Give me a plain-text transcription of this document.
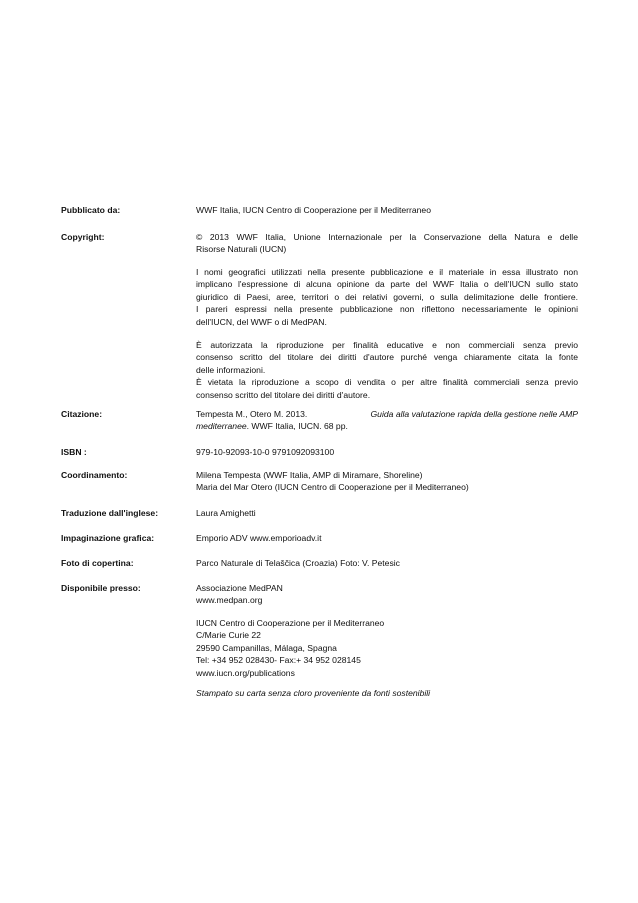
Pubblicato da:	WWF Italia, IUCN Centro di Cooperazione per il Mediterraneo
Copyright:	© 2013 WWF Italia, Unione Internazionale per la Conservazione della Natura e delle
Risorse Naturali (IUCN)
I nomi geografici utilizzati nella presente pubblicazione e il materiale in essa illustrato non
implicano l'espressione di alcuna opinione da parte del WWF Italia o dell'IUCN sullo stato
giuridico di Paesi, aree, territori o dei relativi governi, o sulla delimitazione delle frontiere.
I pareri espressi nella presente pubblicazione non riflettono necessariamente le opinioni
dell'IUCN, del WWF o di MedPAN.
È autorizzata la riproduzione per finalità educative e non commerciali senza previo
consenso scritto del titolare dei diritti d'autore purché venga chiaramente citata la fonte
delle informazioni.
È vietata la riproduzione a scopo di vendita o per altre finalità commerciali senza previo
consenso scritto del titolare dei diritti d'autore.
Citazione:	Tempesta M., Otero M. 2013.	Guida alla valutazione rapida della gestione nelle AMP
mediterranee. WWF Italia, IUCN. 68 pp.
ISBN :	979-10-92093-10-0 9791092093100
Coordinamento:	Milena Tempesta (WWF Italia, AMP di Miramare, Shoreline)
Maria del Mar Otero (IUCN Centro di Cooperazione per il Mediterraneo)
Traduzione dall'inglese:	Laura Amighetti
Impaginazione grafica:	Emporio ADV www.emporioadv.it
Foto di copertina:	Parco Naturale di Telaščica (Croazia) Foto: V. Petesic
Disponibile presso:	Associazione MedPAN
www.medpan.org
IUCN Centro di Cooperazione per il Mediterraneo
C/Marie Curie 22
29590 Campanillas, Málaga, Spagna
Tel: +34 952 028430- Fax:+ 34 952 028145
www.iucn.org/publications
Stampato su carta senza cloro proveniente da fonti sostenibili
